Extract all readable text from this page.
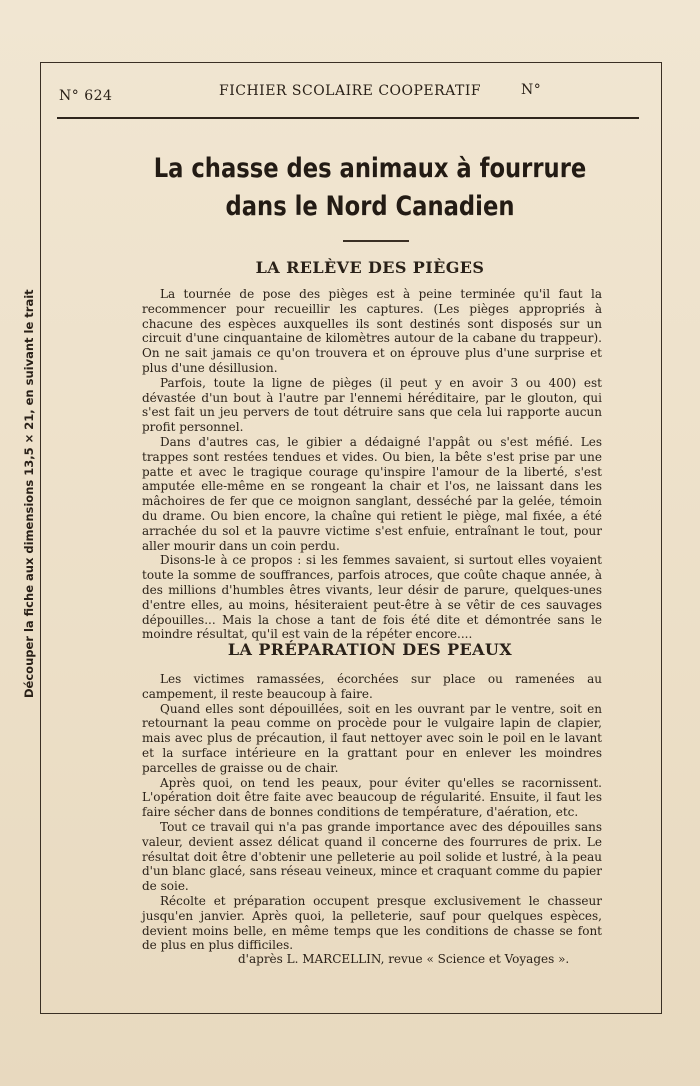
Découper la fiche aux dimensions 13,5 × 21, en suivant le trait
N° 624	FICHIER SCOLAIRE COOPERATIF	N°
La chasse des animaux à fourrure
dans le Nord Canadien
LA RELÈVE DES PIÈGES

La tournée de pose des pièges est à peine terminée qu'il faut la recommencer pour recueillir les captures. (Les pièges appropriés à chacune des espèces auxquelles ils sont destinés sont disposés sur un circuit d'une cinquantaine de kilomètres autour de la cabane du trappeur). On ne sait jamais ce qu'on trouvera et on éprouve plus d'une surprise et plus d'une désillusion.

Parfois, toute la ligne de pièges (il peut y en avoir 3 ou 400) est dévastée d'un bout à l'autre par l'ennemi héréditaire, par le glouton, qui s'est fait un jeu pervers de tout détruire sans que cela lui rapporte aucun profit personnel.

Dans d'autres cas, le gibier a dédaigné l'appât ou s'est méfié. Les trappes sont restées tendues et vides. Ou bien, la bête s'est prise par une patte et avec le tragique courage qu'inspire l'amour de la liberté, s'est amputée elle-même en se rongeant la chair et l'os, ne laissant dans les mâchoires de fer que ce moignon sanglant, desséché par la gelée, témoin du drame. Ou bien encore, la chaîne qui retient le piège, mal fixée, a été arrachée du sol et la pauvre victime s'est enfuie, entraînant le tout, pour aller mourir dans un coin perdu.

Disons-le à ce propos : si les femmes savaient, si surtout elles voyaient toute la somme de souffrances, parfois atroces, que coûte chaque année, à des millions d'humbles êtres vivants, leur désir de parure, quelques-unes d'entre elles, au moins, hésiteraient peut-être à se vêtir de ces sauvages dépouilles... Mais la chose a tant de fois été dite et démontrée sans le moindre résultat, qu'il est vain de la répéter encore....

LA PRÉPARATION DES PEAUX

Les victimes ramassées, écorchées sur place ou ramenées au campement, il reste beaucoup à faire.

Quand elles sont dépouillées, soit en les ouvrant par le ventre, soit en retournant la peau comme on procède pour le vulgaire lapin de clapier, mais avec plus de précaution, il faut nettoyer avec soin le poil en le lavant et la surface intérieure en la grattant pour en enlever les moindres parcelles de graisse ou de chair.

Après quoi, on tend les peaux, pour éviter qu'elles se racornissent. L'opération doit être faite avec beaucoup de régularité. Ensuite, il faut les faire sécher dans de bonnes conditions de température, d'aération, etc.

Tout ce travail qui n'a pas grande importance avec des dépouilles sans valeur, devient assez délicat quand il concerne des fourrures de prix. Le résultat doit être d'obtenir une pelleterie au poil solide et lustré, à la peau d'un blanc glacé, sans réseau veineux, mince et craquant comme du papier de soie.

Récolte et préparation occupent presque exclusivement le chasseur jusqu'en janvier. Après quoi, la pelleterie, sauf pour quelques espèces, devient moins belle, en même temps que les conditions de chasse se font de plus en plus difficiles.

d'après L. MARCELLIN, revue « Science et Voyages ».
